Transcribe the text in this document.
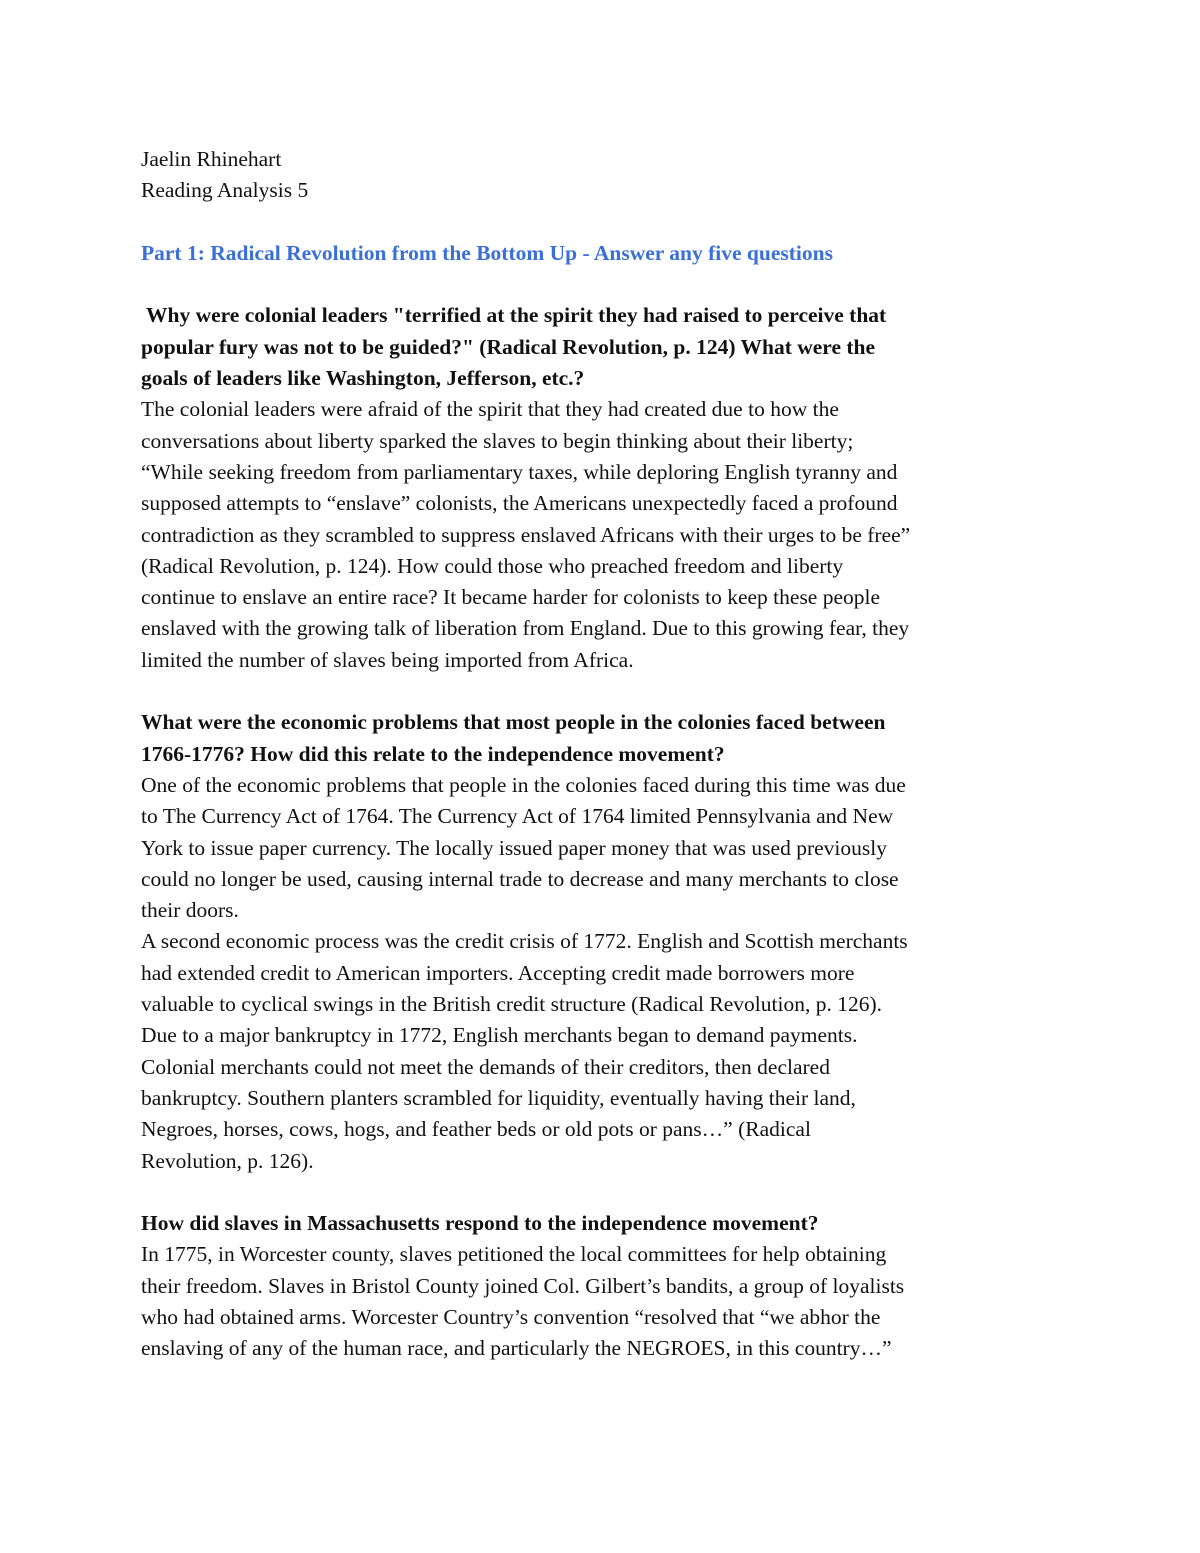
Jaelin Rhinehart
Reading Analysis 5
Part 1: Radical Revolution from the Bottom Up - Answer any five questions
Why were colonial leaders "terrified at the spirit they had raised to perceive that
popular fury was not to be guided?" (Radical Revolution, p. 124) What were the
goals of leaders like Washington, Jefferson, etc.?
The colonial leaders were afraid of the spirit that they had created due to how the
conversations about liberty sparked the slaves to begin thinking about their liberty;
“While seeking freedom from parliamentary taxes, while deploring English tyranny and
supposed attempts to “enslave” colonists, the Americans unexpectedly faced a profound
contradiction as they scrambled to suppress enslaved Africans with their urges to be free”
(Radical Revolution, p. 124). How could those who preached freedom and liberty
continue to enslave an entire race? It became harder for colonists to keep these people
enslaved with the growing talk of liberation from England. Due to this growing fear, they
limited the number of slaves being imported from Africa.
What were the economic problems that most people in the colonies faced between
1766-1776? How did this relate to the independence movement?
One of the economic problems that people in the colonies faced during this time was due
to The Currency Act of 1764. The Currency Act of 1764 limited Pennsylvania and New
York to issue paper currency. The locally issued paper money that was used previously
could no longer be used, causing internal trade to decrease and many merchants to close
their doors.
A second economic process was the credit crisis of 1772. English and Scottish merchants
had extended credit to American importers. Accepting credit made borrowers more
valuable to cyclical swings in the British credit structure (Radical Revolution, p. 126).
Due to a major bankruptcy in 1772, English merchants began to demand payments.
Colonial merchants could not meet the demands of their creditors, then declared
bankruptcy. Southern planters scrambled for liquidity, eventually having their land,
Negroes, horses, cows, hogs, and feather beds or old pots or pans…” (Radical
Revolution, p. 126).
How did slaves in Massachusetts respond to the independence movement?
In 1775, in Worcester county, slaves petitioned the local committees for help obtaining
their freedom. Slaves in Bristol County joined Col. Gilbert’s bandits, a group of loyalists
who had obtained arms. Worcester Country’s convention “resolved that “we abhor the
enslaving of any of the human race, and particularly the NEGROES, in this country…”
